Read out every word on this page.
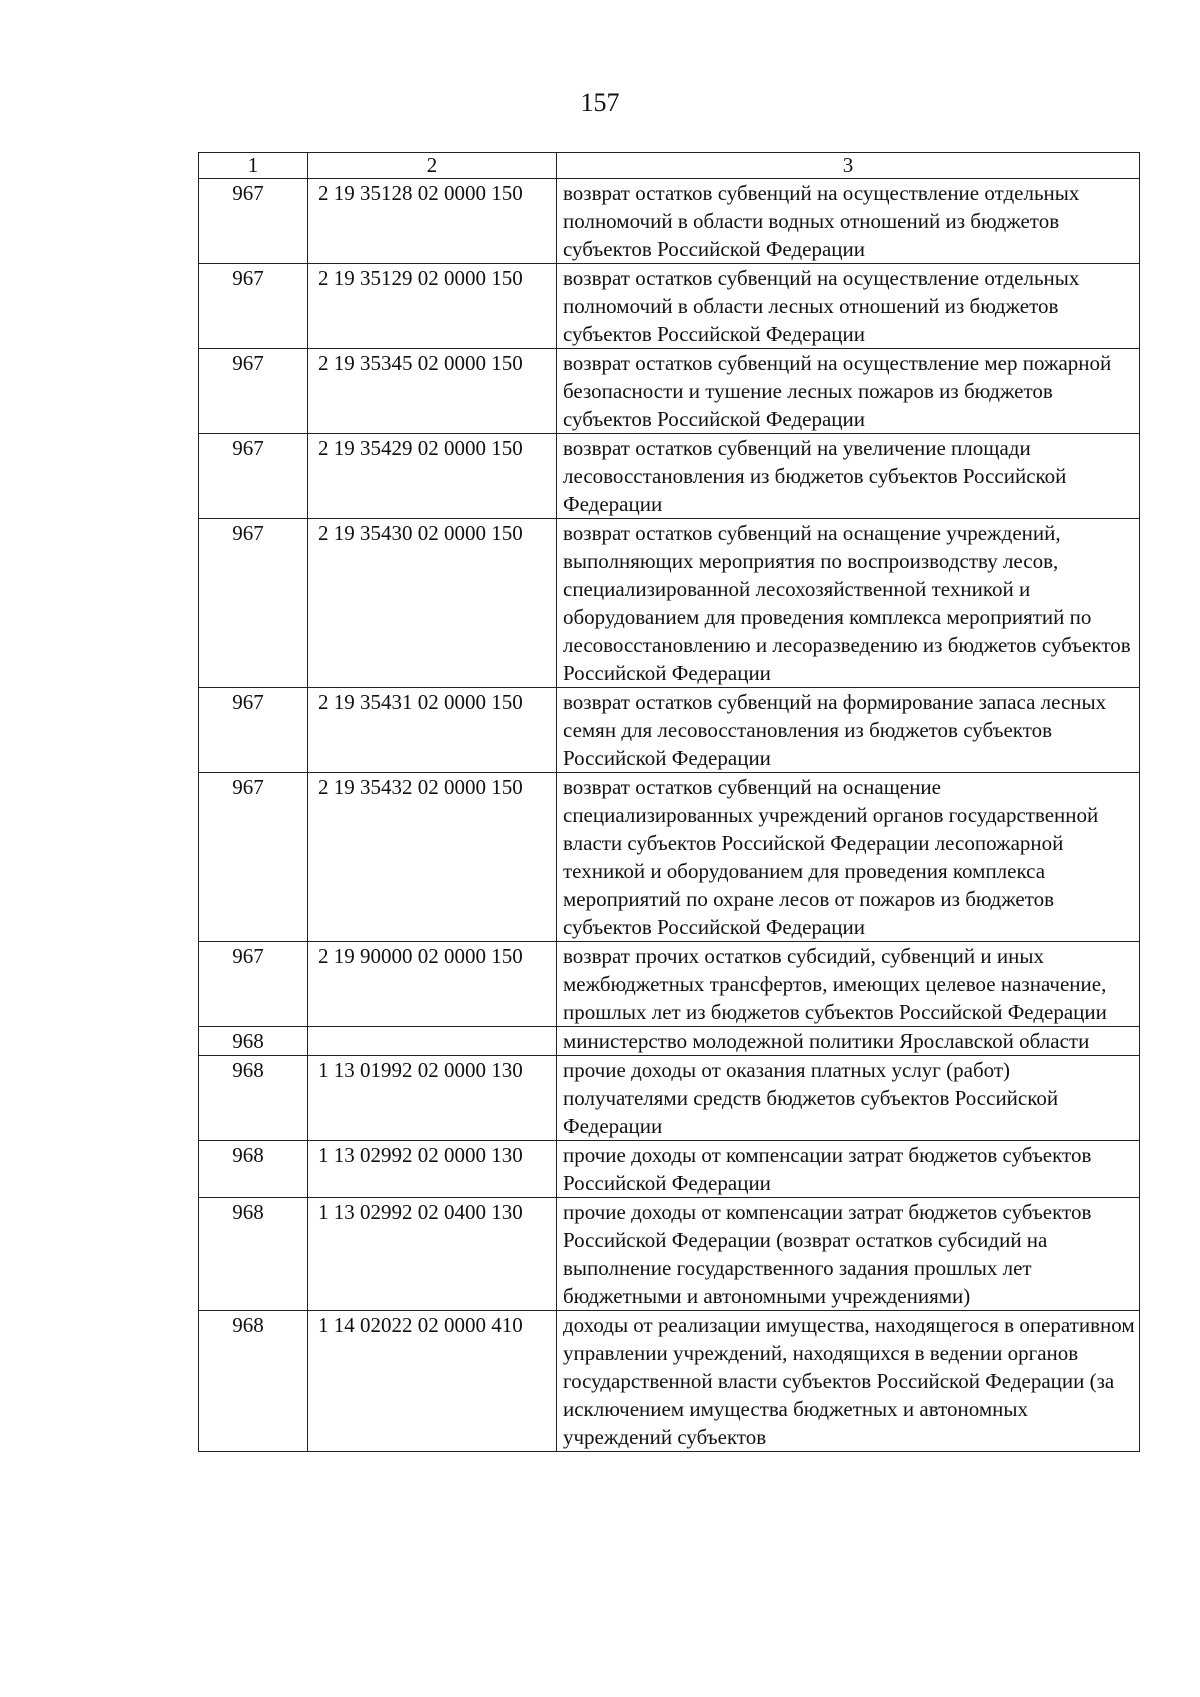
157
1	2	3
967	2 19 35128 02 0000 150	возврат остатков субвенций на осуществление отдельных полномочий в области водных отношений из бюджетов субъектов Российской Федерации
967	2 19 35129 02 0000 150	возврат остатков субвенций на осуществление отдельных полномочий в области лесных отношений из бюджетов субъектов Российской Федерации
967	2 19 35345 02 0000 150	возврат остатков субвенций на осуществление мер пожарной безопасности и тушение лесных пожаров из бюджетов субъектов Российской Федерации
967	2 19 35429 02 0000 150	возврат остатков субвенций на увеличение площади лесовосстановления из бюджетов субъектов Российской Федерации
967	2 19 35430 02 0000 150	возврат остатков субвенций на оснащение учреждений, выполняющих мероприятия по воспроизводству лесов, специализированной лесохозяйственной техникой и оборудованием для проведения комплекса мероприятий по лесовосстановлению и лесоразведению из бюджетов субъектов Российской Федерации
967	2 19 35431 02 0000 150	возврат остатков субвенций на формирование запаса лесных семян для лесовосстановления из бюджетов субъектов Российской Федерации
967	2 19 35432 02 0000 150	возврат остатков субвенций на оснащение специализированных учреждений органов государственной власти субъектов Российской Федерации лесопожарной техникой и оборудованием для проведения комплекса мероприятий по охране лесов от пожаров из бюджетов субъектов Российской Федерации
967	2 19 90000 02 0000 150	возврат прочих остатков субсидий, субвенций и иных межбюджетных трансфертов, имеющих целевое назначение, прошлых лет из бюджетов субъектов Российской Федерации
968		министерство молодежной политики Ярославской области
968	1 13 01992 02 0000 130	прочие доходы от оказания платных услуг (работ) получателями средств бюджетов субъектов Российской Федерации
968	1 13 02992 02 0000 130	прочие доходы от компенсации затрат бюджетов субъектов Российской Федерации
968	1 13 02992 02 0400 130	прочие доходы от компенсации затрат бюджетов субъектов Российской Федерации (возврат остатков субсидий на выполнение государственного задания прошлых лет бюджетными и автономными учреждениями)
968	1 14 02022 02 0000 410	доходы от реализации имущества, находящегося в оперативном управлении учреждений, находящихся в ведении органов государственной власти субъектов Российской Федерации (за исключением имущества бюджетных и автономных учреждений субъектов
